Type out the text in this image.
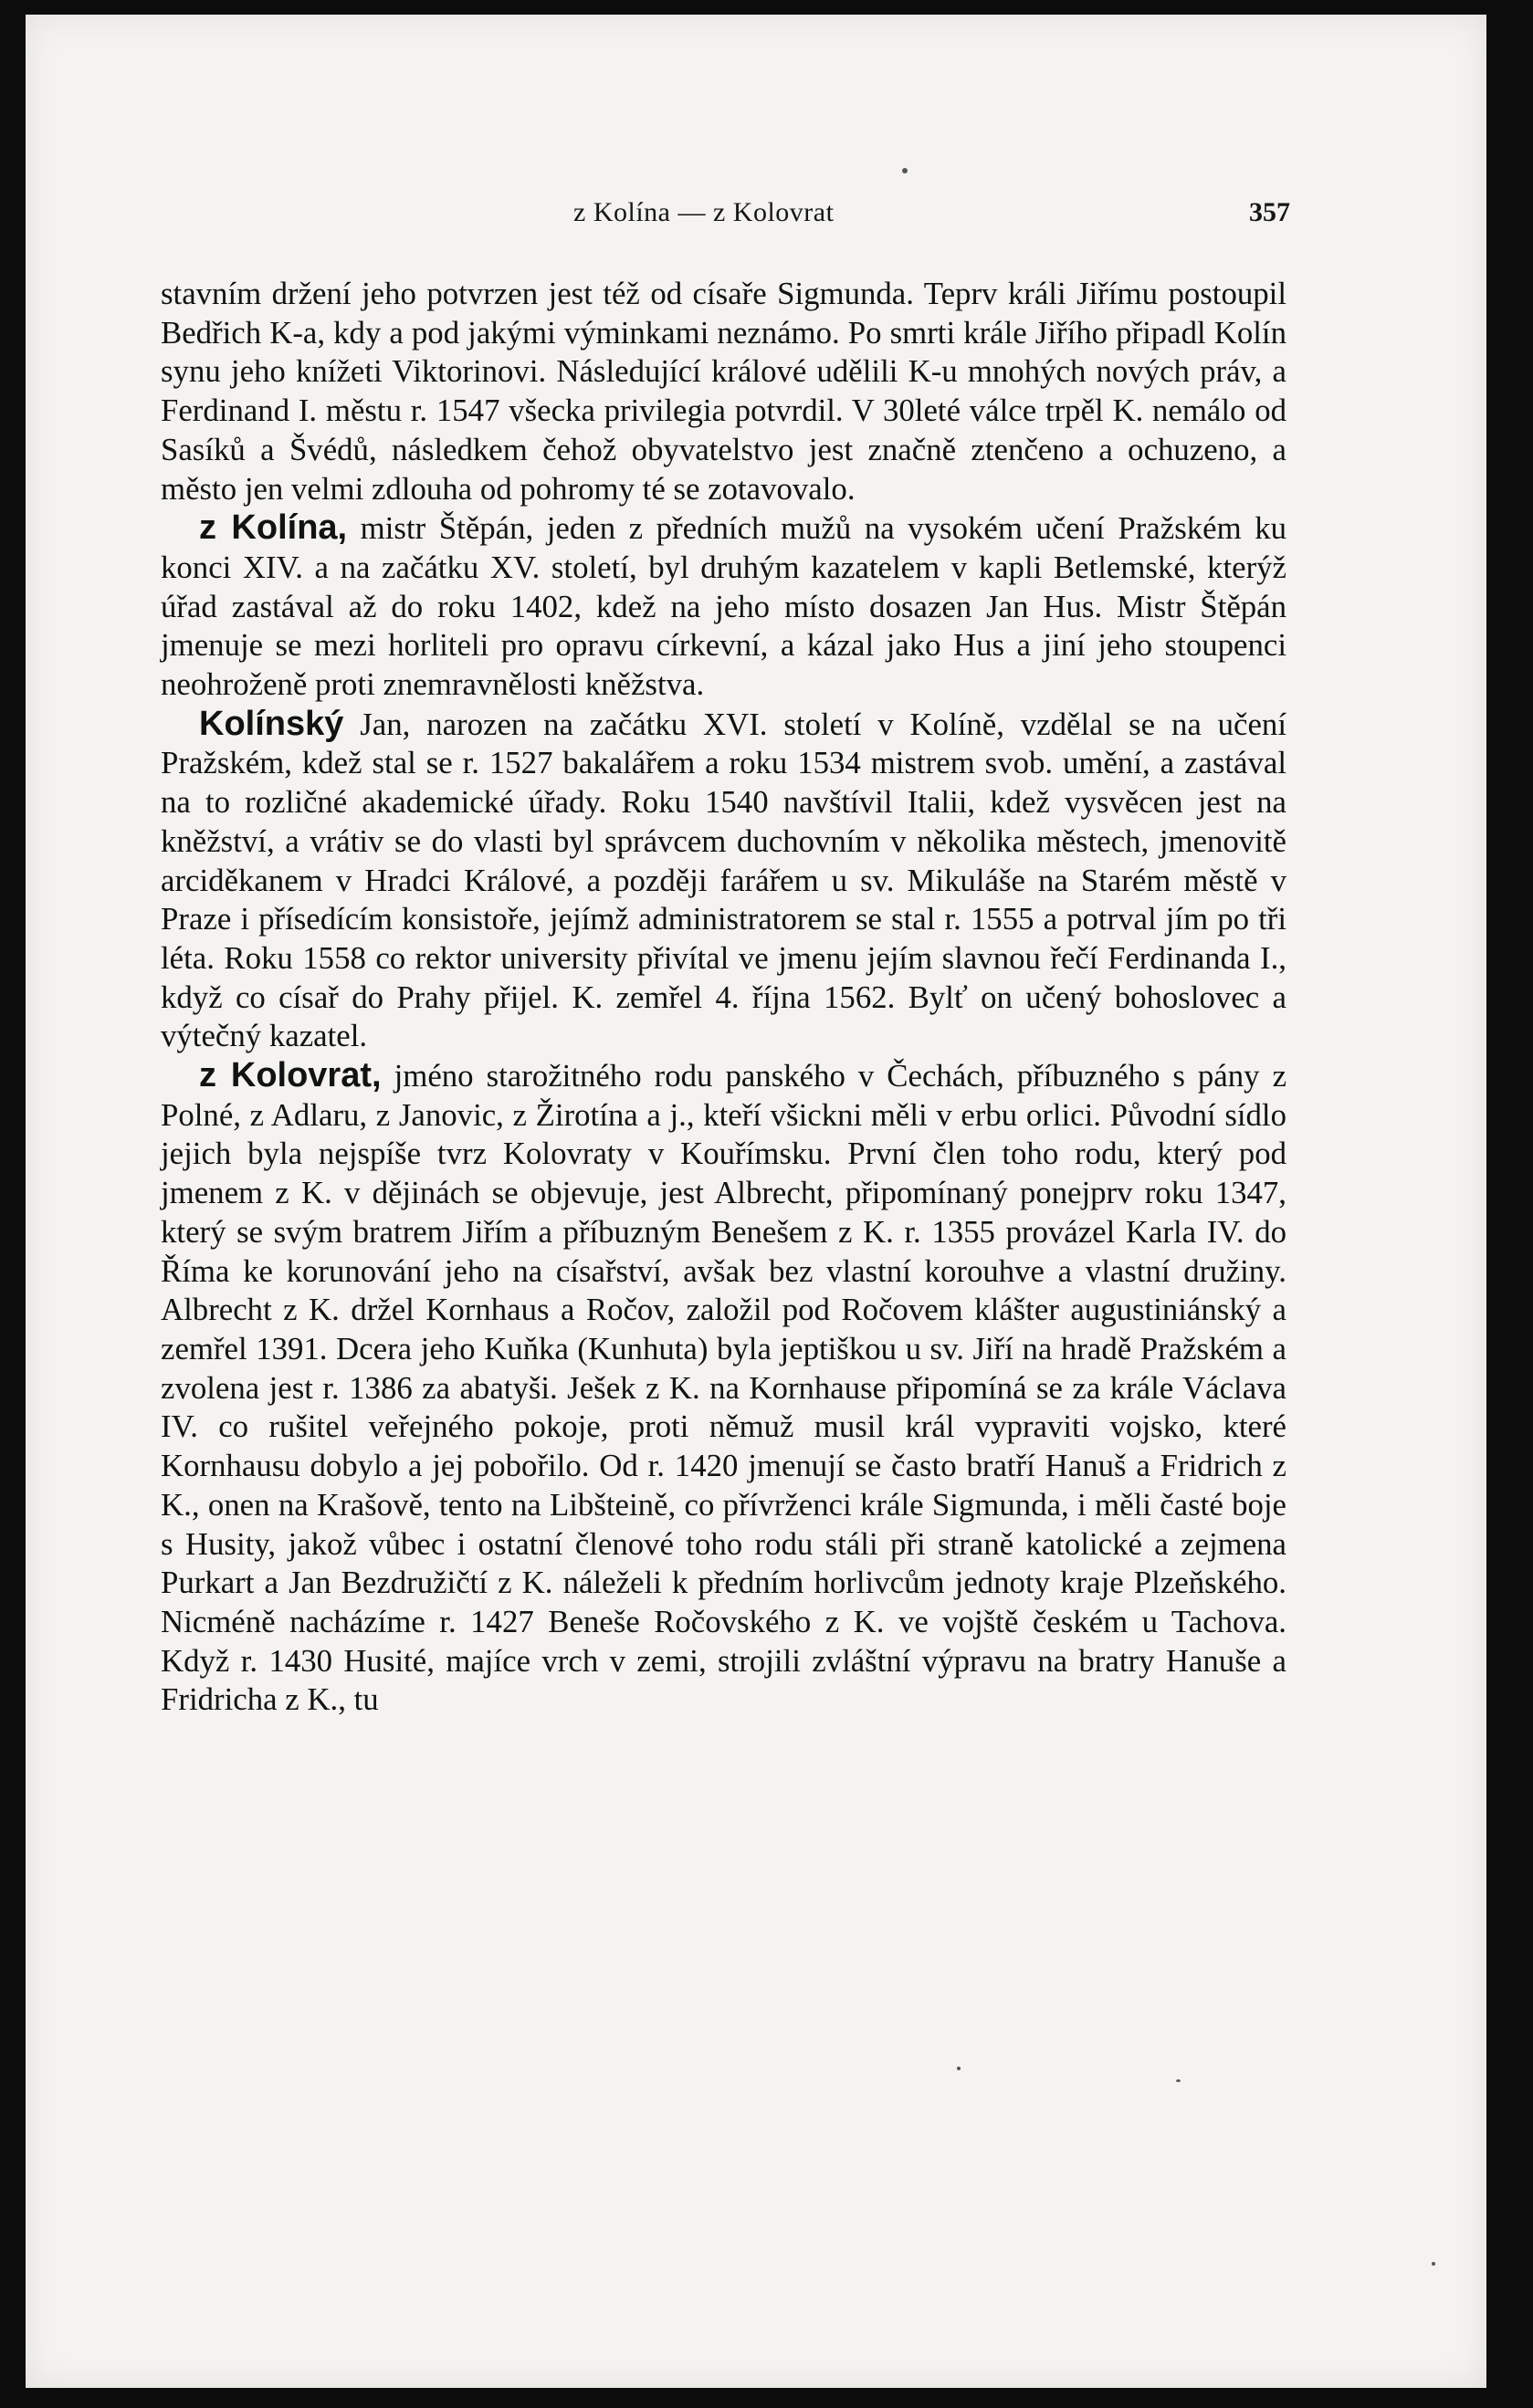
z Kolína — z Kolovrat	357

stavním držení jeho potvrzen jest též od císaře Sigmunda. Teprv králi Jiřímu postoupil Bedřich K-a, kdy a pod jakými výminkami neznámo. Po smrti krále Jiřího připadl Kolín synu jeho knížeti Viktorinovi. Následující králové udělili K-u mnohých nových práv, a Ferdinand I. městu r. 1547 všecka privilegia potvrdil. V 30leté válce trpěl K. nemálo od Sasíků a Švédů, následkem čehož obyvatelstvo jest značně ztenčeno a ochuzeno, a město jen velmi zdlouha od pohromy té se zotavovalo.

z Kolína, mistr Štěpán, jeden z předních mužů na vysokém učení Pražském ku konci XIV. a na začátku XV. století, byl druhým kazatelem v kapli Betlemské, kterýž úřad zastával až do roku 1402, kdež na jeho místo dosazen Jan Hus. Mistr Štěpán jmenuje se mezi horliteli pro opravu církevní, a kázal jako Hus a jiní jeho stoupenci neohroženě proti znemravnělosti kněžstva.

Kolínský Jan, narozen na začátku XVI. století v Kolíně, vzdělal se na učení Pražském, kdež stal se r. 1527 bakalářem a roku 1534 mistrem svob. umění, a zastával na to rozličné akademické úřady. Roku 1540 navštívil Italii, kdež vysvěcen jest na kněžství, a vrátiv se do vlasti byl správcem duchovním v několika městech, jmenovitě arciděkanem v Hradci Králové, a později farářem u sv. Mikuláše na Starém městě v Praze i přísedícím konsistoře, jejímž administratorem se stal r. 1555 a potrval jím po tři léta. Roku 1558 co rektor university přivítal ve jmenu jejím slavnou řečí Ferdinanda I., když co císař do Prahy přijel. K. zemřel 4. října 1562. Bylť on učený bohoslovec a výtečný kazatel.

z Kolovrat, jméno starožitného rodu panského v Čechách, příbuzného s pány z Polné, z Adlaru, z Janovic, z Žirotína a j., kteří všickni měli v erbu orlici. Původní sídlo jejich byla nejspíše tvrz Kolovraty v Kouřímsku. První člen toho rodu, který pod jmenem z K. v dějinách se objevuje, jest Albrecht, připomínaný ponejprv roku 1347, který se svým bratrem Jiřím a příbuzným Benešem z K. r. 1355 provázel Karla IV. do Říma ke korunování jeho na císařství, avšak bez vlastní korouhve a vlastní družiny. Albrecht z K. držel Kornhaus a Ročov, založil pod Ročovem klášter augustiniánský a zemřel 1391. Dcera jeho Kuňka (Kunhuta) byla jeptiškou u sv. Jiří na hradě Pražském a zvolena jest r. 1386 za abatyši. Ješek z K. na Kornhause připomíná se za krále Václava IV. co rušitel veřejného pokoje, proti němuž musil král vypraviti vojsko, které Kornhausu dobylo a jej pobořilo. Od r. 1420 jmenují se často bratří Hanuš a Fridrich z K., onen na Krašově, tento na Libšteině, co přívrženci krále Sigmunda, i měli časté boje s Husity, jakož vůbec i ostatní členové toho rodu stáli při straně katolické a zejmena Purkart a Jan Bezdružičtí z K. náleželi k předním horlivcům jednoty kraje Plzeňského. Nicméně nacházíme r. 1427 Beneše Ročovského z K. ve vojště českém u Tachova. Když r. 1430 Husité, majíce vrch v zemi, strojili zvláštní výpravu na bratry Hanuše a Fridricha z K., tu
